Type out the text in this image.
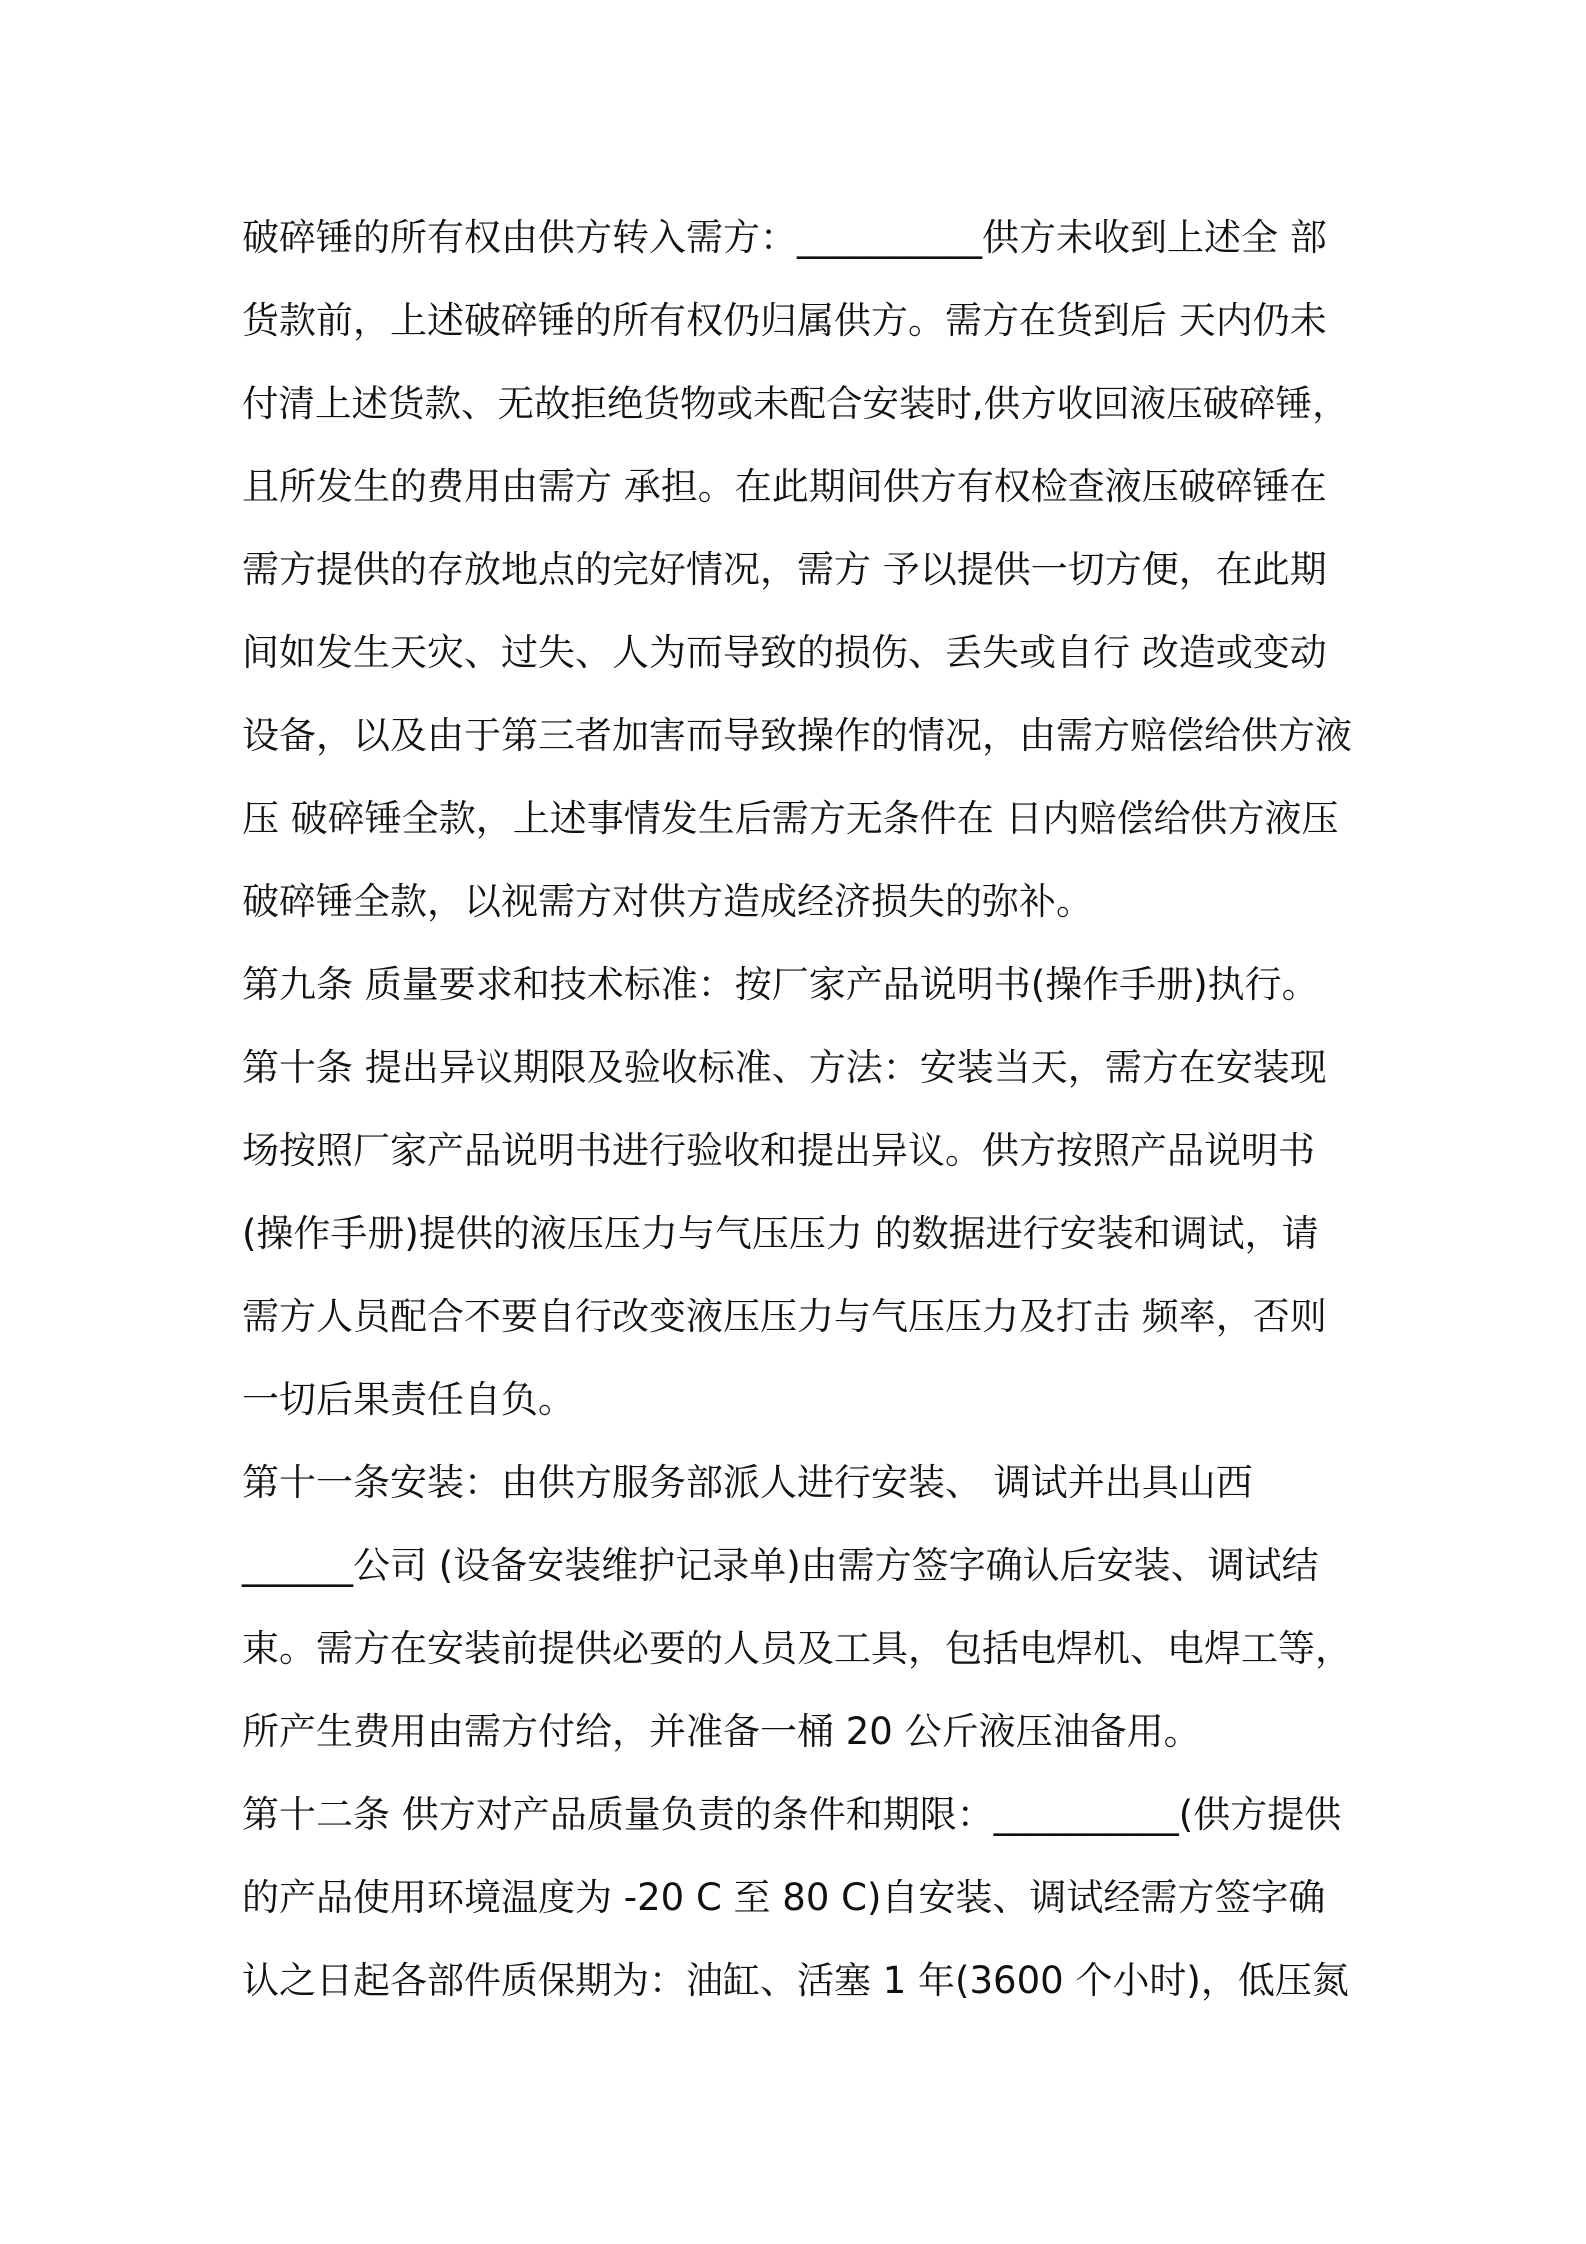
破碎锤的所有权由供方转入需方：__________供方未收到上述全 部
货款前，上述破碎锤的所有权仍归属供方。需方在货到后 天内仍未
付清上述货款、无故拒绝货物或未配合安装时,供方收回液压破碎锤，
且所发生的费用由需方 承担。在此期间供方有权检查液压破碎锤在
需方提供的存放地点的完好情况，需方 予以提供一切方便，在此期
间如发生天灾、过失、人为而导致的损伤、丢失或自行 改造或变动
设备，以及由于第三者加害而导致操作的情况，由需方赔偿给供方液
压 破碎锤全款，上述事情发生后需方无条件在 日内赔偿给供方液压
破碎锤全款，以视需方对供方造成经济损失的弥补。
第九条 质量要求和技术标准：按厂家产品说明书(操作手册)执行。
第十条 提出异议期限及验收标准、方法：安装当天，需方在安装现
场按照厂家产品说明书进行验收和提出异议。供方按照产品说明书
(操作手册)提供的液压压力与气压压力 的数据进行安装和调试，请
需方人员配合不要自行改变液压压力与气压压力及打击 频率，否则
一切后果责任自负。
第十一条安装：由供方服务部派人进行安装、 调试并出具山西
______公司 (设备安装维护记录单)由需方签字确认后安装、调试结
束。需方在安装前提供必要的人员及工具，包括电焊机、电焊工等，
所产生费用由需方付给，并准备一桶 20 公斤液压油备用。
第十二条 供方对产品质量负责的条件和期限：__________(供方提供
的产品使用环境温度为 -20 C 至 80 C)自安装、调试经需方签字确
认之日起各部件质保期为：油缸、活塞 1 年(3600 个小时)，低压氮
